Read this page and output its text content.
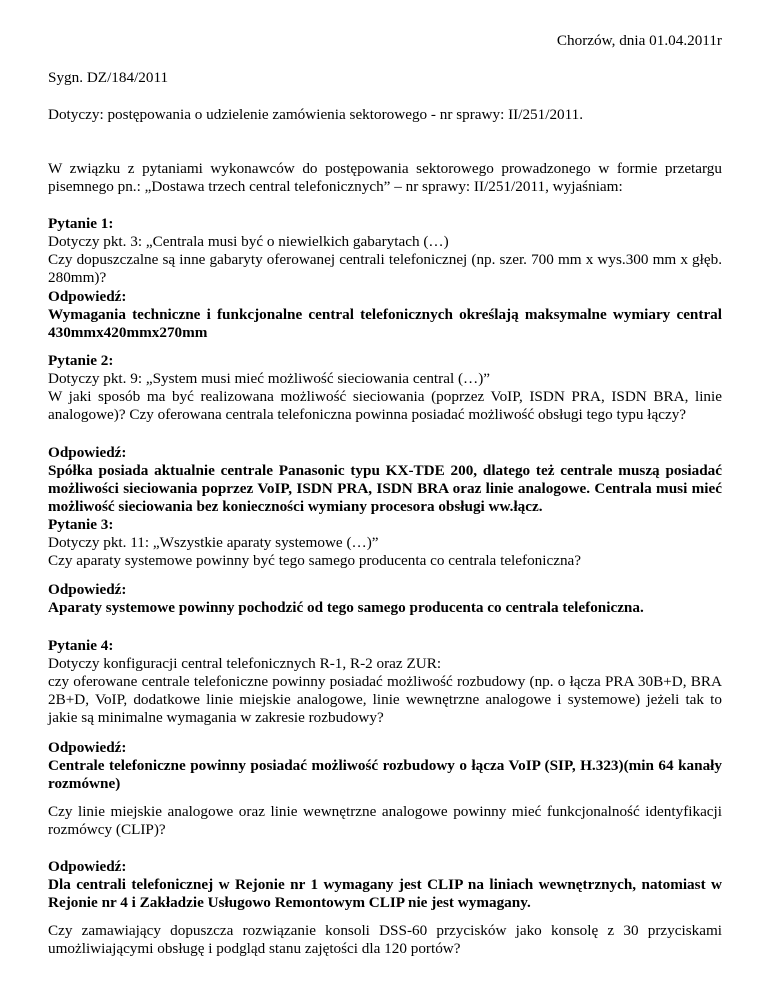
Chorzów, dnia 01.04.2011r

Sygn. DZ/184/2011

Dotyczy: postępowania o udzielenie zamówienia sektorowego - nr sprawy: II/251/2011.

W związku z pytaniami wykonawców do postępowania sektorowego prowadzonego w formie przetargu pisemnego pn.: „Dostawa trzech central telefonicznych” – nr sprawy: II/251/2011, wyjaśniam:

Pytanie 1:

Dotyczy pkt. 3: „Centrala musi być o niewielkich gabarytach (…)

Czy dopuszczalne są inne gabaryty oferowanej centrali telefonicznej (np. szer. 700 mm x wys.300 mm x głęb. 280mm)?

Odpowiedź:

Wymagania techniczne i funkcjonalne central telefonicznych określają maksymalne wymiary central 430mmx420mmx270mm

Pytanie 2:

Dotyczy pkt. 9: „System musi mieć możliwość sieciowania central (…)”

W jaki sposób ma być realizowana możliwość sieciowania (poprzez VoIP, ISDN PRA, ISDN BRA, linie analogowe)? Czy oferowana centrala telefoniczna powinna posiadać możliwość obsługi tego typu łączy?

Odpowiedź:

Spółka posiada aktualnie centrale Panasonic typu KX-TDE 200, dlatego też centrale muszą posiadać możliwości sieciowania poprzez VoIP, ISDN PRA, ISDN BRA oraz linie analogowe. Centrala musi mieć możliwość sieciowania bez konieczności wymiany procesora obsługi ww.łącz.

Pytanie 3:

Dotyczy pkt. 11: „Wszystkie aparaty systemowe (…)”

Czy aparaty systemowe powinny być tego samego producenta co centrala telefoniczna?

Odpowiedź:

Aparaty systemowe powinny pochodzić od tego samego producenta co centrala telefoniczna.

Pytanie 4:

Dotyczy konfiguracji central telefonicznych R-1, R-2 oraz ZUR:

czy oferowane centrale telefoniczne powinny posiadać możliwość rozbudowy (np. o łącza PRA 30B+D, BRA 2B+D, VoIP, dodatkowe linie miejskie analogowe, linie wewnętrzne analogowe i systemowe) jeżeli tak to jakie są minimalne wymagania w zakresie rozbudowy?

Odpowiedź:

Centrale telefoniczne powinny posiadać możliwość rozbudowy o łącza VoIP (SIP, H.323)(min 64 kanały rozmówne)

Czy linie miejskie analogowe oraz linie wewnętrzne analogowe powinny mieć funkcjonalność identyfikacji rozmówcy (CLIP)?

Odpowiedź:

Dla centrali telefonicznej w Rejonie nr 1 wymagany jest CLIP na liniach wewnętrznych, natomiast w Rejonie nr 4 i Zakładzie Usługowo Remontowym CLIP nie jest wymagany.

Czy zamawiający dopuszcza rozwiązanie konsoli DSS-60 przycisków jako konsolę z 30 przyciskami umożliwiającymi obsługę i podgląd stanu zajętości dla 120 portów?
